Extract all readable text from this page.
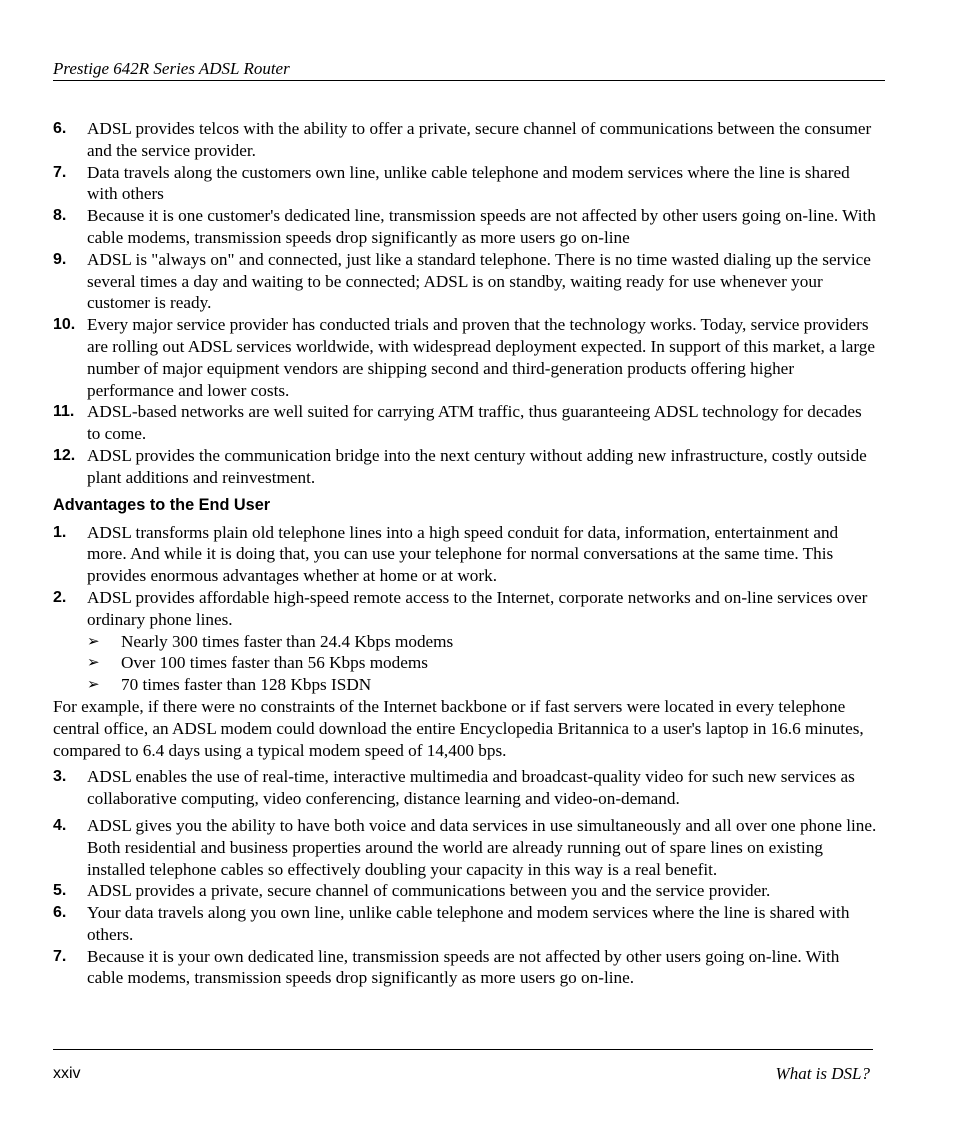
Prestige 642R Series ADSL Router
6. ADSL provides telcos with the ability to offer a private, secure channel of communications between the consumer and the service provider.
7. Data travels along the customers own line, unlike cable telephone and modem services where the line is shared with others
8. Because it is one customer's dedicated line, transmission speeds are not affected by other users going on-line. With cable modems, transmission speeds drop significantly as more users go on-line
9. ADSL is "always on" and connected, just like a standard telephone. There is no time wasted dialing up the service several times a day and waiting to be connected; ADSL is on standby, waiting ready for use whenever your customer is ready.
10. Every major service provider has conducted trials and proven that the technology works. Today, service providers are rolling out ADSL services worldwide, with widespread deployment expected. In support of this market, a large number of major equipment vendors are shipping second and third-generation products offering higher performance and lower costs.
11. ADSL-based networks are well suited for carrying ATM traffic, thus guaranteeing ADSL technology for decades to come.
12. ADSL provides the communication bridge into the next century without adding new infrastructure, costly outside plant additions and reinvestment.
Advantages to the End User
1. ADSL transforms plain old telephone lines into a high speed conduit for data, information, entertainment and more. And while it is doing that, you can use your telephone for normal conversations at the same time. This provides enormous advantages whether at home or at work.
2. ADSL provides affordable high-speed remote access to the Internet, corporate networks and on-line services over ordinary phone lines.
➢ Nearly 300 times faster than 24.4 Kbps modems
➢ Over 100 times faster than 56 Kbps modems
➢ 70 times faster than 128 Kbps ISDN
For example, if there were no constraints of the Internet backbone or if fast servers were located in every telephone central office, an ADSL modem could download the entire Encyclopedia Britannica to a user's laptop in 16.6 minutes, compared to 6.4 days using a typical modem speed of 14,400 bps.
3. ADSL enables the use of real-time, interactive multimedia and broadcast-quality video for such new services as collaborative computing, video conferencing, distance learning and video-on-demand.
4. ADSL gives you the ability to have both voice and data services in use simultaneously and all over one phone line. Both residential and business properties around the world are already running out of spare lines on existing installed telephone cables so effectively doubling your capacity in this way is a real benefit.
5. ADSL provides a private, secure channel of communications between you and the service provider.
6. Your data travels along you own line, unlike cable telephone and modem services where the line is shared with others.
7. Because it is your own dedicated line, transmission speeds are not affected by other users going on-line. With cable modems, transmission speeds drop significantly as more users go on-line.
xxiv	What is DSL?
